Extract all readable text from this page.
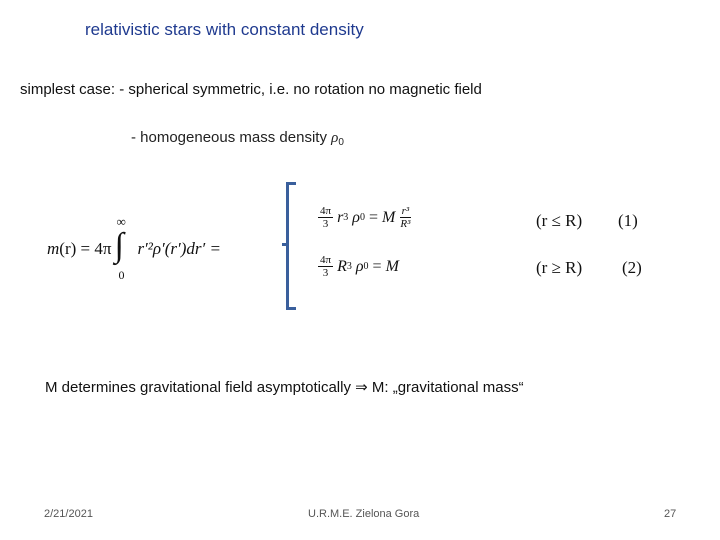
relativistic stars with constant density
simplest case: - spherical symmetric, i.e. no rotation no magnetic field
- homogeneous mass density $\rho_0$
m (r) = 4π
∞
∫
0
r′²ρ′(r′)dr′ =
$\frac{4\pi}{3}$ r 3
ρ 0 = M $\frac{\text{r³}}{\text{R³}}$
$\frac{4\pi}{3}$ R 3
ρ 0 = M
(r ≤ R)
(r ≥ R)
(1)
(2)
M determines gravitational field asymptotically ⇒ M: „gravitational mass“
2/21/2021	U.R.M.E. Zielona Gora	27
